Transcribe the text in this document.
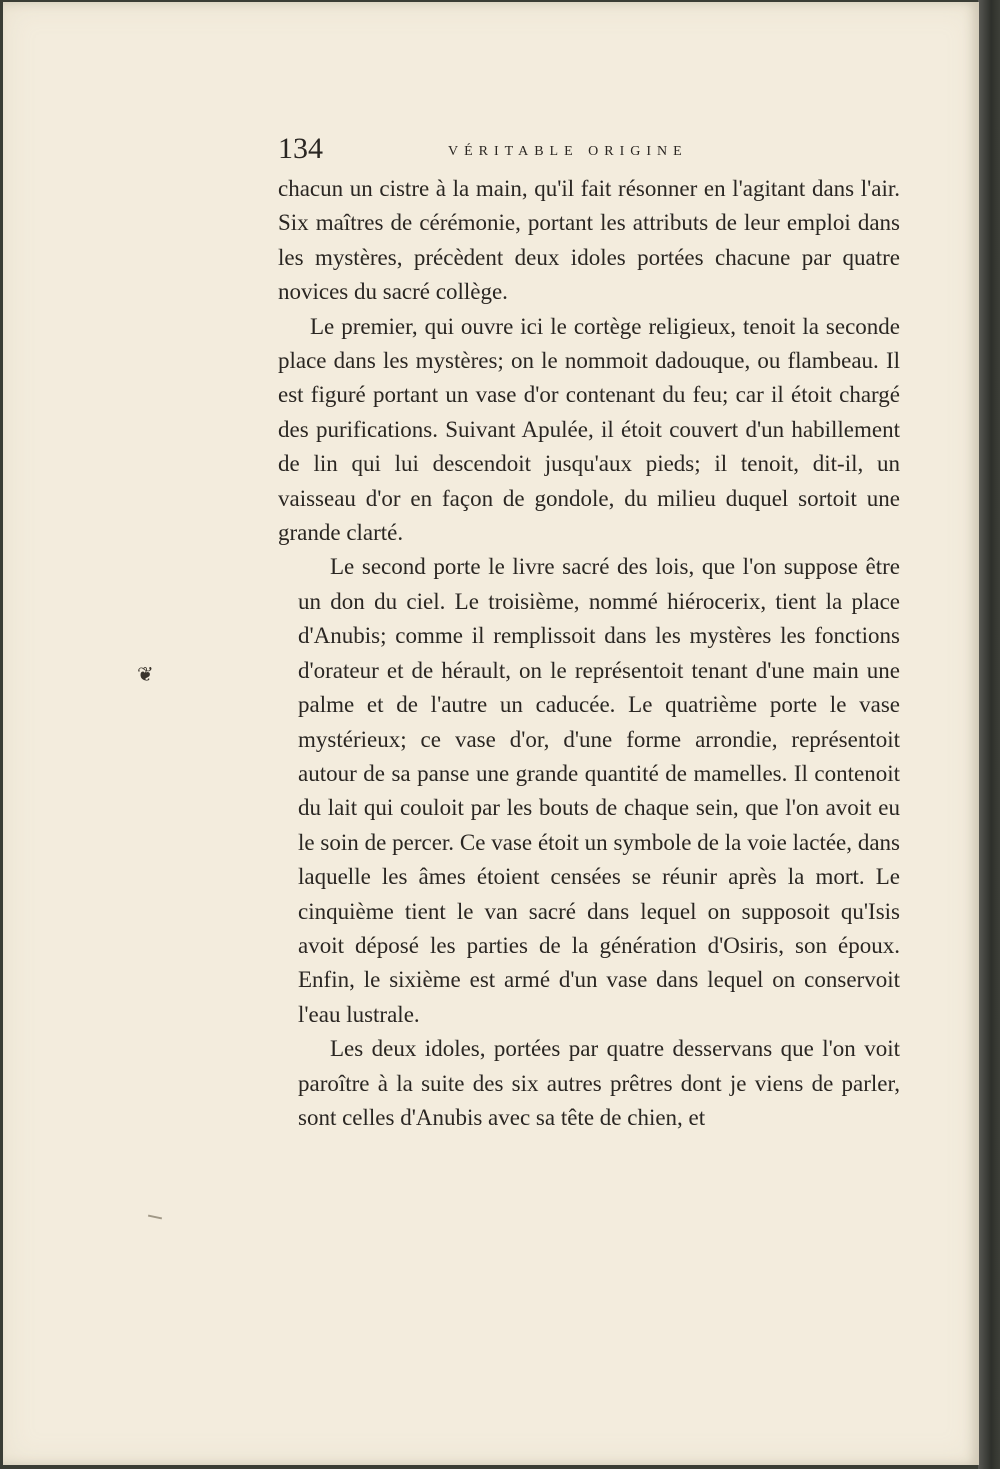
134	VÉRITABLE ORIGINE
❦

chacun un cistre à la main, qu'il fait résonner en l'agitant dans l'air. Six maîtres de cérémonie, portant les attributs de leur emploi dans les mystères, précèdent deux idoles portées chacune par quatre novices du sacré collège.

Le premier, qui ouvre ici le cortège religieux, tenoit la seconde place dans les mystères; on le nommoit dadouque, ou flambeau. Il est figuré portant un vase d'or contenant du feu; car il étoit chargé des purifications. Suivant Apulée, il étoit couvert d'un habillement de lin qui lui descendoit jusqu'aux pieds; il tenoit, dit-il, un vaisseau d'or en façon de gondole, du milieu duquel sortoit une grande clarté.

Le second porte le livre sacré des lois, que l'on suppose être un don du ciel. Le troisième, nommé hiérocerix, tient la place d'Anubis; comme il remplissoit dans les mystères les fonctions d'orateur et de hérault, on le représentoit tenant d'une main une palme et de l'autre un caducée. Le quatrième porte le vase mystérieux; ce vase d'or, d'une forme arrondie, représentoit autour de sa panse une grande quantité de mamelles. Il contenoit du lait qui couloit par les bouts de chaque sein, que l'on avoit eu le soin de percer. Ce vase étoit un symbole de la voie lactée, dans laquelle les âmes étoient censées se réunir après la mort. Le cinquième tient le van sacré dans lequel on supposoit qu'Isis avoit déposé les parties de la génération d'Osiris, son époux. Enfin, le sixième est armé d'un vase dans lequel on conservoit l'eau lustrale.

Les deux idoles, portées par quatre desservans que l'on voit paroître à la suite des six autres prêtres dont je viens de parler, sont celles d'Anubis avec sa tête de chien, et
